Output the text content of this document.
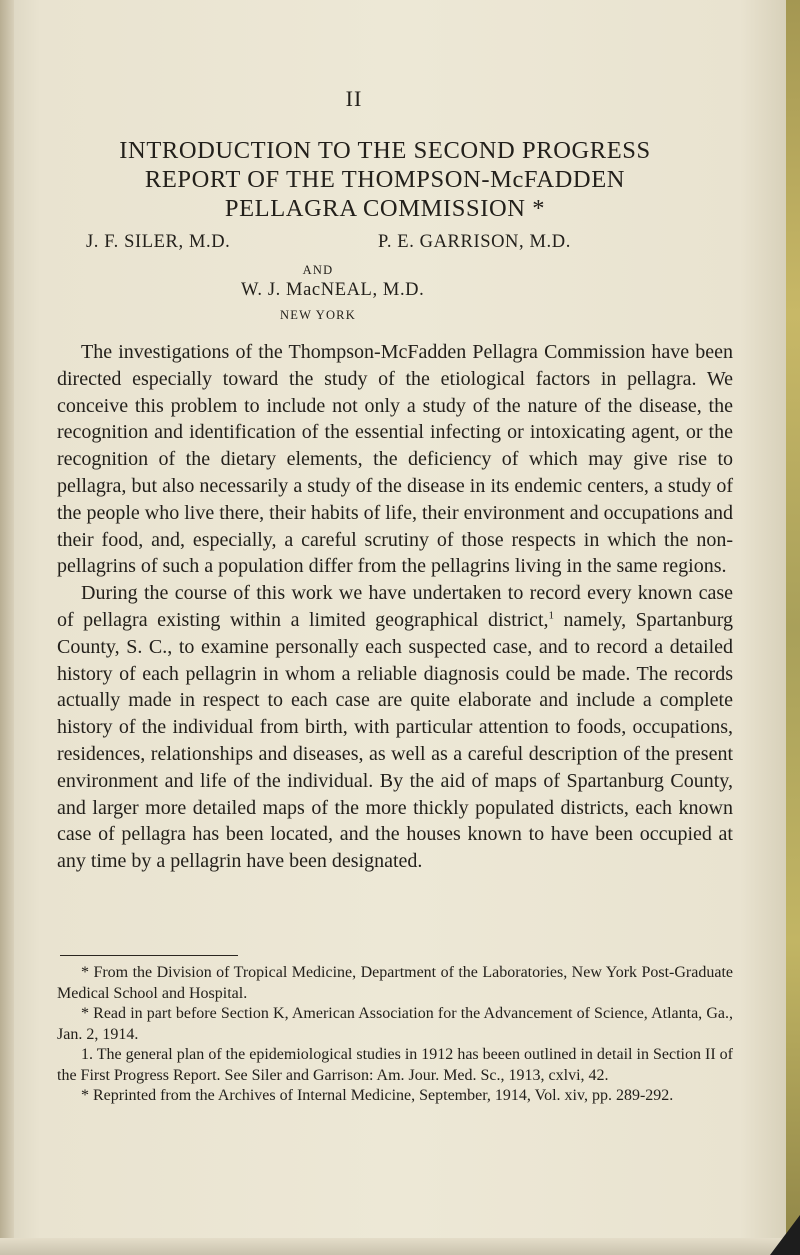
II
INTRODUCTION TO THE SECOND PROGRESS
REPORT OF THE THOMPSON-McFADDEN
PELLAGRA COMMISSION *
J. F. SILER, M.D.	P. E. GARRISON, M.D.
AND
W. J. MacNEAL, M.D.
NEW YORK

The investigations of the Thompson-McFadden Pellagra Commission have been directed especially toward the study of the etiological factors in pellagra. We conceive this problem to include not only a study of the nature of the disease, the recognition and identification of the essential infecting or intoxicating agent, or the recognition of the dietary elements, the deficiency of which may give rise to pellagra, but also necessarily a study of the disease in its endemic centers, a study of the people who live there, their habits of life, their environment and occupations and their food, and, especially, a careful scrutiny of those respects in which the non-pellagrins of such a population differ from the pellagrins living in the same regions.

During the course of this work we have undertaken to record every known case of pellagra existing within a limited geographical district,$^1$ namely, Spartanburg County, S. C., to examine personally each suspected case, and to record a detailed history of each pellagrin in whom a reliable diagnosis could be made. The records actually made in respect to each case are quite elaborate and include a complete history of the individual from birth, with particular attention to foods, occupations, residences, relationships and diseases, as well as a careful description of the present environment and life of the individual. By the aid of maps of Spartanburg County, and larger more detailed maps of the more thickly populated districts, each known case of pellagra has been located, and the houses known to have been occupied at any time by a pellagrin have been designated.

* From the Division of Tropical Medicine, Department of the Laboratories, New York Post-Graduate Medical School and Hospital.

* Read in part before Section K, American Association for the Advancement of Science, Atlanta, Ga., Jan. 2, 1914.

1. The general plan of the epidemiological studies in 1912 has beeen outlined in detail in Section II of the First Progress Report. See Siler and Garrison: Am. Jour. Med. Sc., 1913, cxlvi, 42.

* Reprinted from the Archives of Internal Medicine, September, 1914, Vol. xiv, pp. 289-292.
